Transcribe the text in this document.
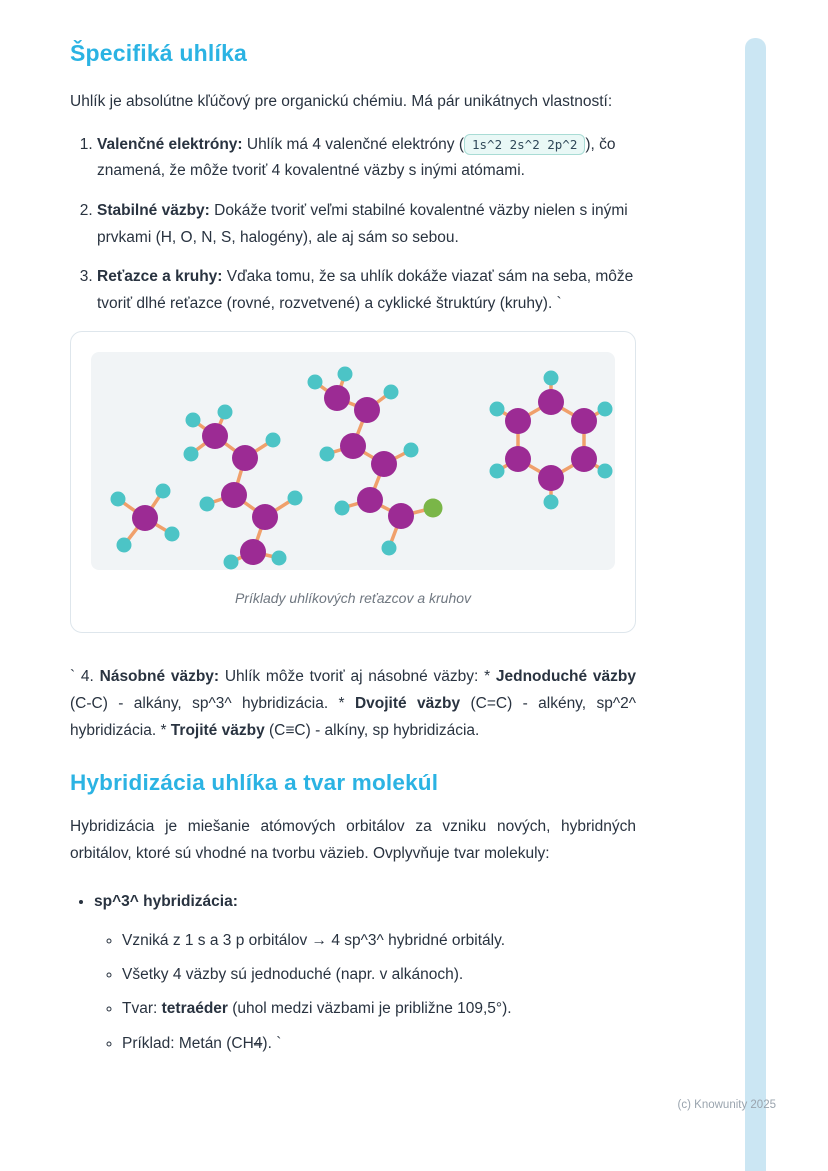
Špecifiká uhlíka

Uhlík je absolútne kľúčový pre organickú chémiu. Má pár unikátnych vlastností:

1. Valenčné elektróny: Uhlík má 4 valenčné elektróny ( 1s^2 2s^2 2p^2 ), čo znamená, že môže tvoriť 4 kovalentné väzby s inými atómami.
2. Stabilné väzby: Dokáže tvoriť veľmi stabilné kovalentné väzby nielen s inými prvkami (H, O, N, S, halogény), ale aj sám so sebou.
3. Reťazce a kruhy: Vďaka tomu, že sa uhlík dokáže viazať sám na seba, môže tvoriť dlhé reťazce (rovné, rozvetvené) a cyklické štruktúry (kruhy). `
Príklady uhlíkových reťazcov a kruhov

` 4. Násobné väzby: Uhlík môže tvoriť aj násobné väzby: * Jednoduché väzby (C-C) - alkány, sp^3^ hybridizácia. * Dvojité väzby (C=C) - alkény, sp^2^ hybridizácia. * Trojité väzby (C≡C) - alkíny, sp hybridizácia.

Hybridizácia uhlíka a tvar molekúl

Hybridizácia je miešanie atómových orbitálov za vzniku nových, hybridných orbitálov, ktoré sú vhodné na tvorbu väzieb. Ovplyvňuje tvar molekuly:

• sp^3^ hybridizácia:
◦ Vzniká z 1 s a 3 p orbitálov → 4 sp^3^ hybridné orbitály.
◦ Všetky 4 väzby sú jednoduché (napr. v alkánoch).
◦ Tvar: tetraéder (uhol medzi väzbami je približne 109,5°).
◦ Príklad: Metán (CH4). `
(c) Knowunity 2025
